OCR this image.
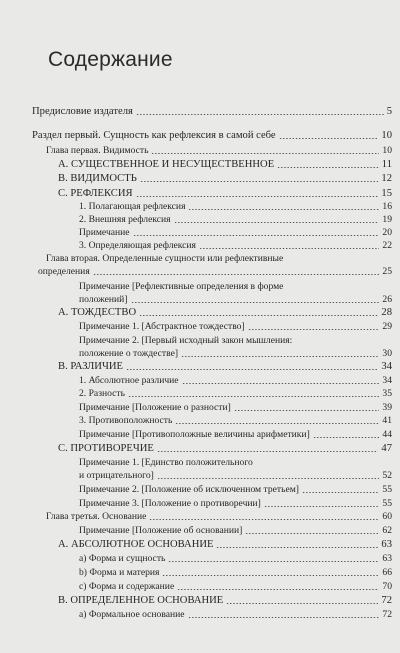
Содержание
Предисловие издателя	5
Раздел первый. Сущность как рефлексия в самой себе	10
Глава первая. Видимость	10
А. СУЩЕСТВЕННОЕ И НЕСУЩЕСТВЕННОЕ	11
B. ВИДИМОСТЬ	12
C. РЕФЛЕКСИЯ	15
1. Полагающая рефлексия	16
2. Внешняя рефлексия	19
Примечание	20
3. Определяющая рефлексия	22
Глава вторая. Определенные сущности или рефлективные
определения	25
Примечание [Рефлективные определения в форме
положений]	26
A. ТОЖДЕСТВО	28
Примечание 1. [Абстрактное тождество]	29
Примечание 2. [Первый исходный закон мышления:
положение о тождестве]	30
B. РАЗЛИЧИЕ	34
1. Абсолютное различие	34
2. Разность	35
Примечание [Положение о разности]	39
3. Противоположность	41
Примечание [Противоположные величины арифметики]	44
C. ПРОТИВОРЕЧИЕ	47
Примечание 1. [Единство положительного
и отрицательного]	52
Примечание 2. [Положение об исключенном третьем]	55
Примечание 3. [Положение о противоречии]	55
Глава третья. Основание	60
Примечание [Положение об основании]	62
A. АБСОЛЮТНОЕ ОСНОВАНИЕ	63
a) Форма и сущность	63
b) Форма и материя	66
c) Форма и содержание	70
B. ОПРЕДЕЛЕННОЕ ОСНОВАНИЕ	72
a) Формальное основание	72
